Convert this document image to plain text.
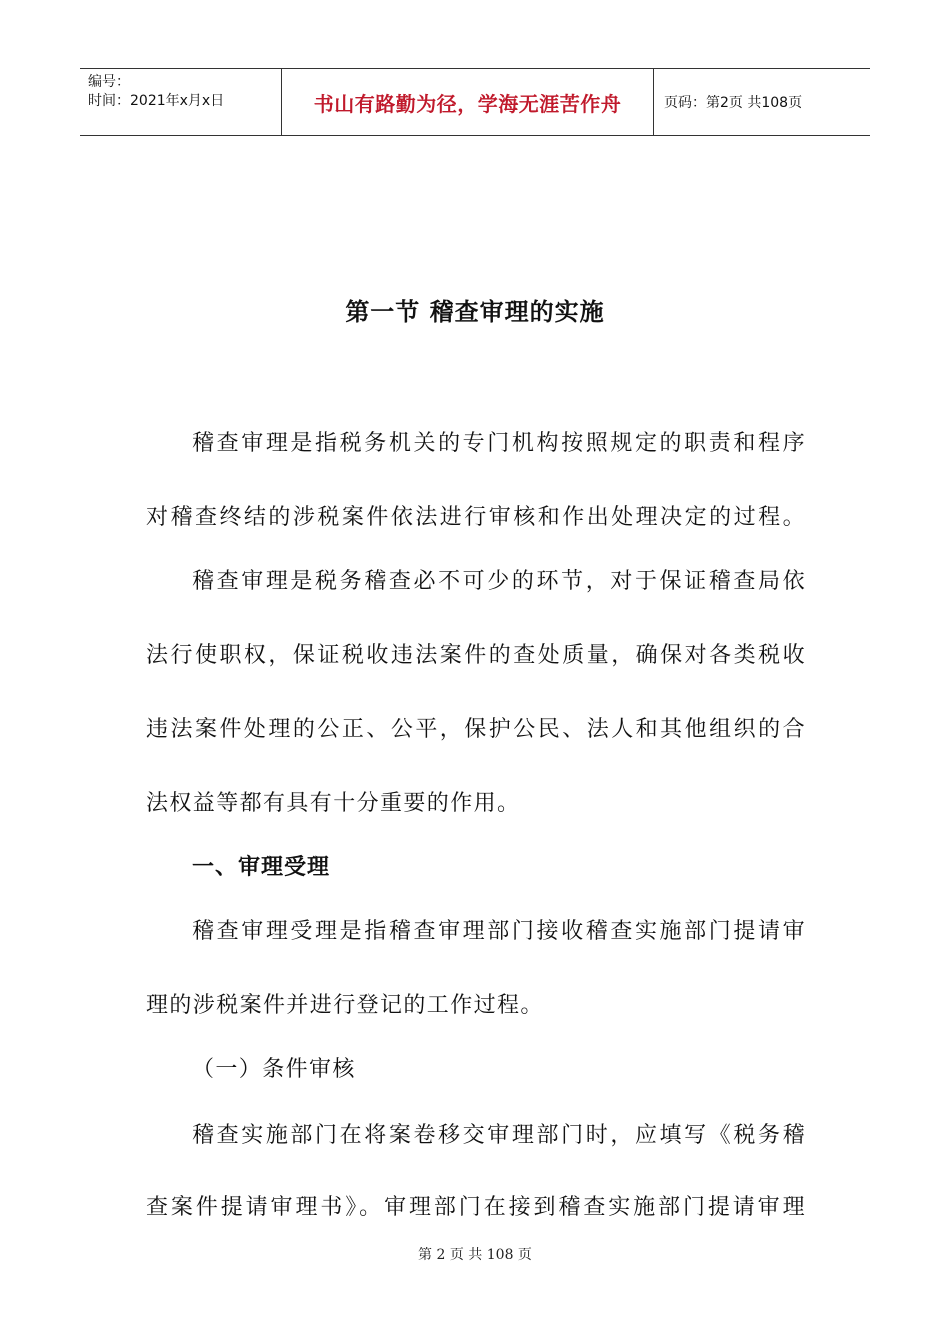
编号：
时间：2021年x月x日	书山有路勤为径，学海无涯苦作舟	页码：第2页 共108页
第一节 稽查审理的实施
稽查审理是指税务机关的专门机构按照规定的职责和程序
对稽查终结的涉税案件依法进行审核和作出处理决定的过程。
稽查审理是税务稽查必不可少的环节，对于保证稽查局依
法行使职权，保证税收违法案件的查处质量，确保对各类税收
违法案件处理的公正、公平，保护公民、法人和其他组织的合
法权益等都有具有十分重要的作用。
一、审理受理
稽查审理受理是指稽查审理部门接收稽查实施部门提请审
理的涉税案件并进行登记的工作过程。
（一）条件审核
稽查实施部门在将案卷移交审理部门时，应填写《税务稽
查案件提请审理书》。审理部门在接到稽查实施部门提请审理
第 2 页 共 108 页
